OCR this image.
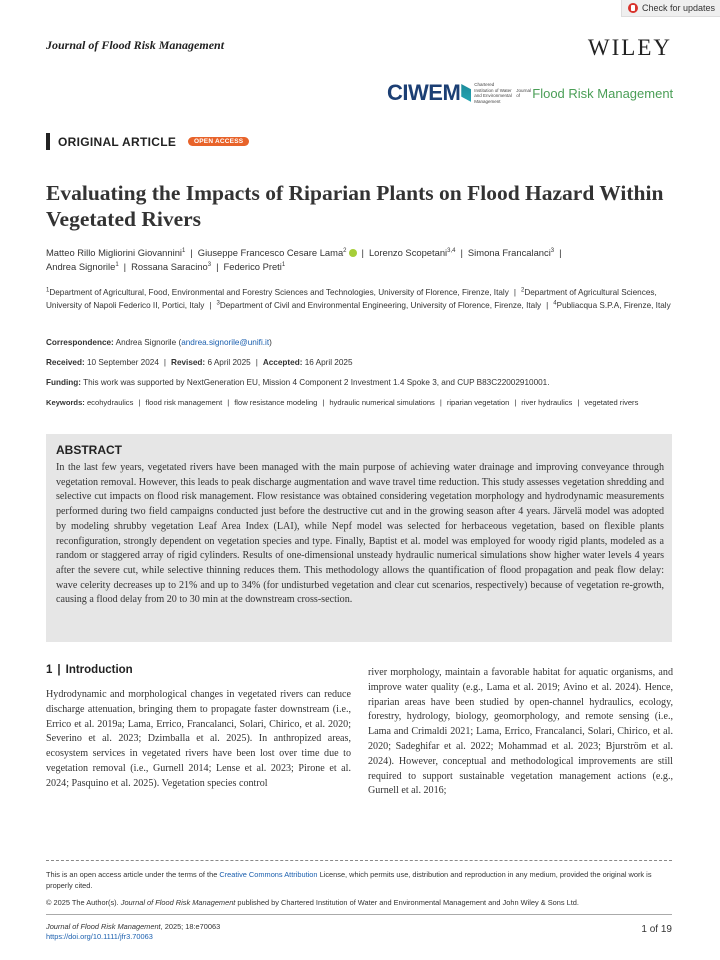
Check for updates
Journal of Flood Risk Management	WILEY
CIWEM	Chartered Institution of Water and Environmental Management
Journal of Flood Risk Management
ORIGINAL ARTICLE	OPEN ACCESS
Evaluating the Impacts of Riparian Plants on Flood Hazard Within Vegetated Rivers
Matteo Rillo Migliorini Giovannini$^1$ | Giuseppe Francesco Cesare Lama$^2$ | Lorenzo Scopetani$^{3,4}$ | Simona Francalanci$^3$ |
Andrea Signorile$^1$ | Rossana Saracino$^3$ | Federico Preti$^1$
$^1$Department of Agricultural, Food, Environmental and Forestry Sciences and Technologies, University of Florence, Firenze, Italy | $^2$Department of Agricultural Sciences, University of Napoli Federico II, Portici, Italy | $^3$Department of Civil and Environmental Engineering, University of Florence, Firenze, Italy | $^4$Publiacqua S.P.A, Firenze, Italy
Correspondence: Andrea Signorile (andrea.signorile@unifi.it)
Received: 10 September 2024 | Revised: 6 April 2025 | Accepted: 16 April 2025
Funding: This work was supported by NextGeneration EU, Mission 4 Component 2 Investment 1.4 Spoke 3, and CUP B83C22002910001.
Keywords: ecohydraulics | flood risk management | flow resistance modeling | hydraulic numerical simulations | riparian vegetation | river hydraulics | vegetated rivers
ABSTRACT
In the last few years, vegetated rivers have been managed with the main purpose of achieving water drainage and improving conveyance through vegetation removal. However, this leads to peak discharge augmentation and wave travel time reduction. This study assesses vegetation shredding and selective cut impacts on flood risk management. Flow resistance was obtained considering vegetation morphology and hydrodynamic measurements performed during two field campaigns conducted just before the destructive cut and in the growing season after 4 years. Järvelä model was adopted by modeling shrubby vegetation Leaf Area Index (LAI), while Nepf model was selected for herbaceous vegetation, based on flexible plants reconfiguration, strongly dependent on vegetation species and type. Finally, Baptist et al. model was employed for woody rigid plants, modeled as a random or staggered array of rigid cylinders. Results of one-dimensional unsteady hydraulic numerical simulations show higher water levels 4 years after the severe cut, while selective thinning reduces them. This methodology allows the quantification of flood propagation and peak flow delay: wave celerity decreases up to 21% and up to 34% (for undisturbed vegetation and clear cut scenarios, respectively) because of vegetation re-growth, causing a flood delay from 20 to 30 min at the downstream cross-section.
1 | Introduction
Hydrodynamic and morphological changes in vegetated rivers can reduce discharge attenuation, bringing them to propagate faster downstream (i.e., Errico et al. 2019a; Lama, Errico, Francalanci, Solari, Chirico, et al. 2020; Severino et al. 2023; Dzimballa et al. 2025). In anthropized areas, ecosystem services in vegetated rivers have been lost over time due to vegetation removal (i.e., Gurnell 2014; Lense et al. 2023; Pirone et al. 2024; Pasquino et al. 2025). Vegetation species control
river morphology, maintain a favorable habitat for aquatic organisms, and improve water quality (e.g., Lama et al. 2019; Avino et al. 2024). Hence, riparian areas have been studied by open-channel hydraulics, ecology, forestry, hydrology, biology, geomorphology, and remote sensing (i.e., Lama and Crimaldi 2021; Lama, Errico, Francalanci, Solari, Chirico, et al. 2020; Sadeghifar et al. 2022; Mohammad et al. 2023; Bjurström et al. 2024). However, conceptual and methodological improvements are still required to support sustainable vegetation management actions (e.g., Gurnell et al. 2016;
This is an open access article under the terms of the Creative Commons Attribution License, which permits use, distribution and reproduction in any medium, provided the original work is properly cited.
© 2025 The Author(s). Journal of Flood Risk Management published by Chartered Institution of Water and Environmental Management and John Wiley & Sons Ltd.
Journal of Flood Risk Management, 2025; 18:e70063
https://doi.org/10.1111/jfr3.70063
1 of 19
